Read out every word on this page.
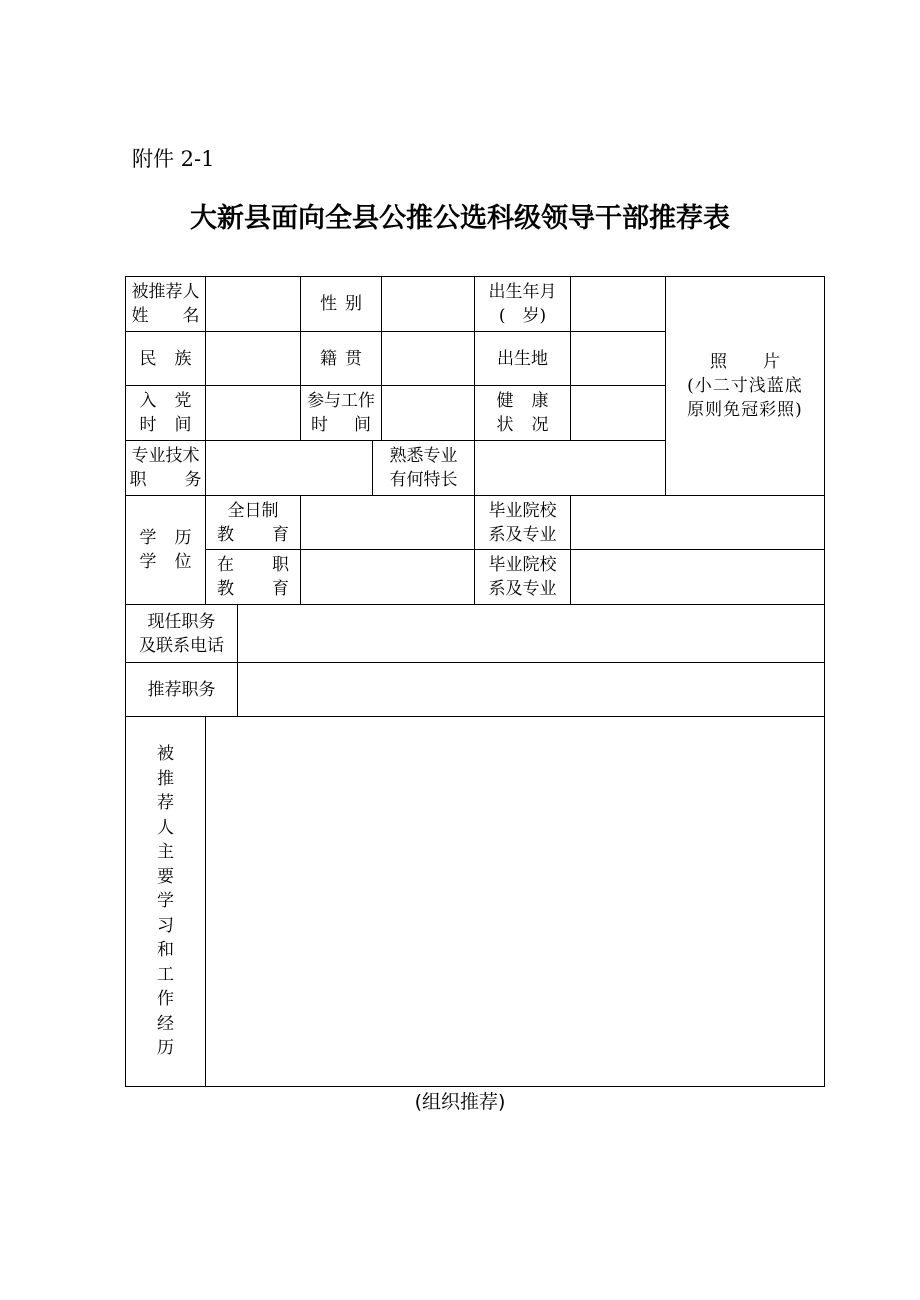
附件 2-1
大新县面向全县公推公选科级领导干部推荐表
被推荐人
姓　　名
性 别
出生年月
(　岁)
照 片
(小二寸浅蓝底
原则免冠彩照)
民 族	籍 贯	出生地
入 党
时 间
参与工作
时 间
健 康
状 况
专业技术
职 务
熟悉专业
有何特长
学 历
学 位
全日制
教 育
毕业院校
系及专业
在 职
教 育
毕业院校
系及专业
现任职务
及联系电话
推荐职务
被
推
荐
人
主
要
学
习
和
工
作
经
历
(组织推荐)
